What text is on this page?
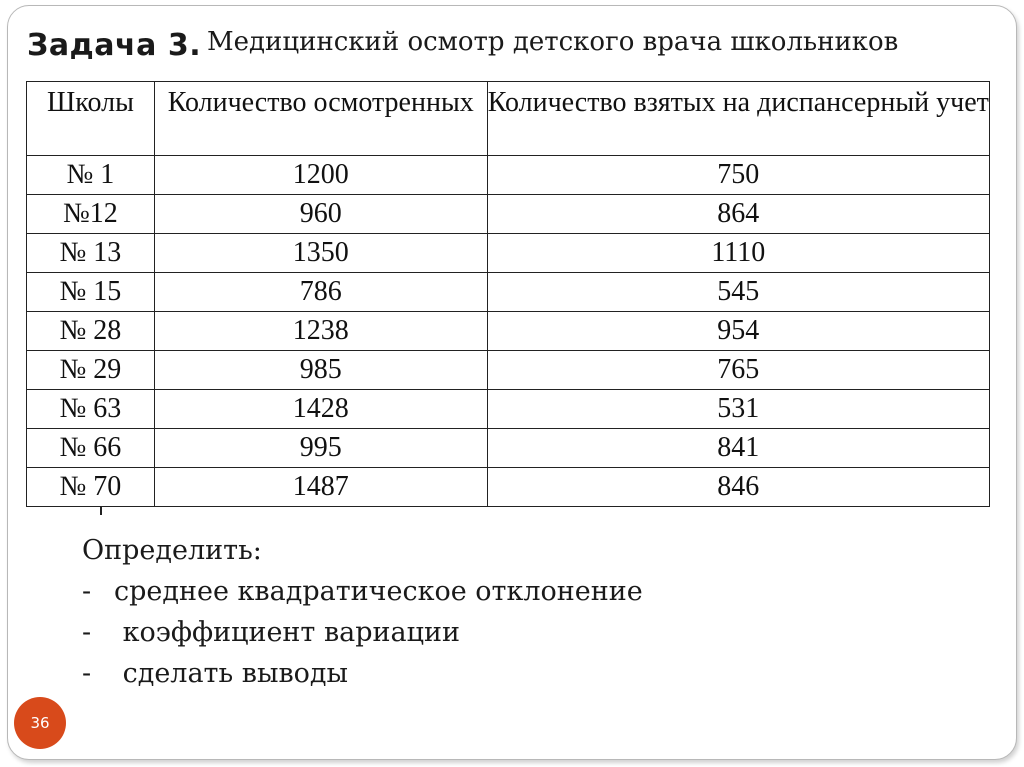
Задача 3. Медицинский осмотр детского врача школьников
Школы	Количество осмотренных	Количество взятых на диспансерный учет
№ 1	1200	750
№12	960	864
№ 13	1350	1110
№ 15	786	545
№ 28	1238	954
№ 29	985	765
№ 63	1428	531
№ 66	995	841
№ 70	1487	846
Определить:
- среднее квадратическое отклонение
- коэффициент вариации
- сделать выводы
36
